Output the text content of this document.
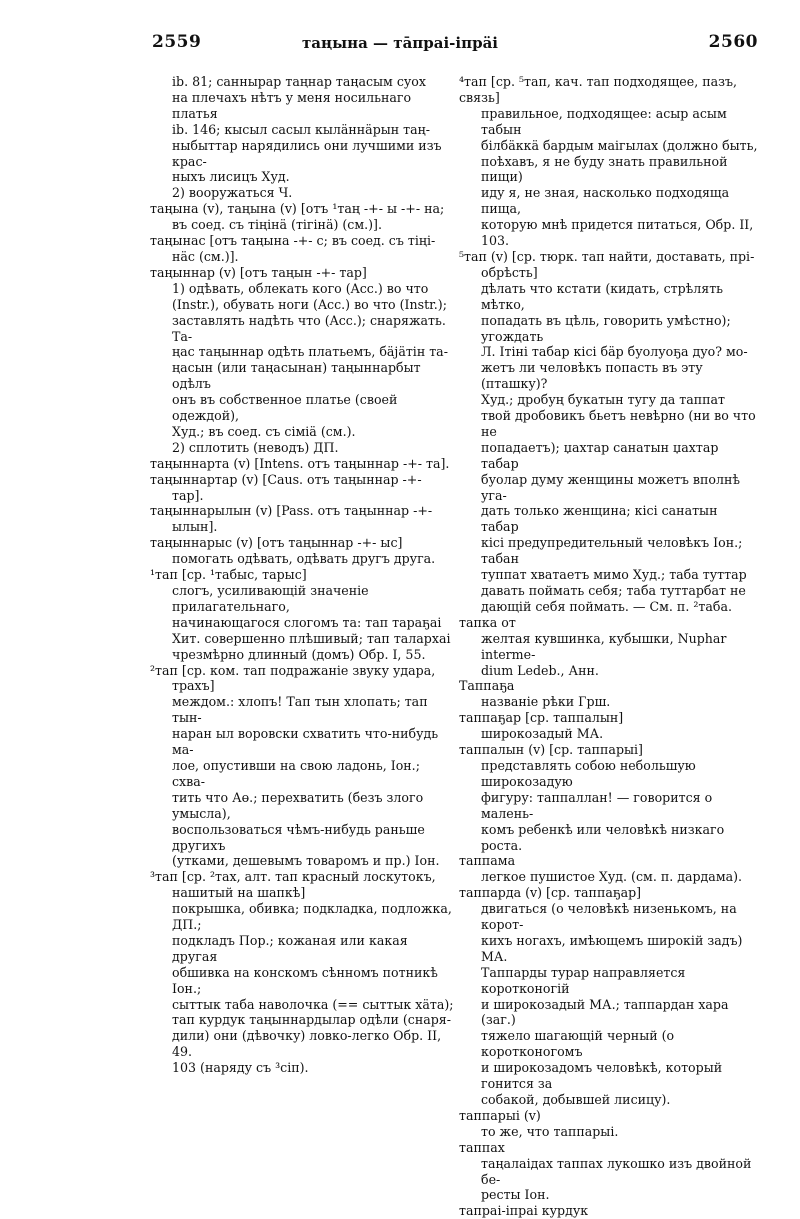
2559	таңына — тāпраі-іпрäі	2560

ib. 81; саннырар таңнар таңасым суох

на плечахъ нѣтъ у меня носильнаго платья

ib. 146; кысыл сасыл кылӓннӓрын таң-

ныбыттар нарядились они лучшими изъ крас-

ныхъ лисицъ Худ.

2) вооружаться Ч.

таңына (v), таңына (v) [отъ ¹таң -+- ы -+- на;

въ соед. съ тіңінӓ (тігінӓ) (см.)].

таңынас [отъ таңына -+- с; въ соед. съ тіңі-

нӓс (см.)].

таңыннар (v) [отъ таңын -+- тар]

1) одѣвать, облекать кого (Acc.) во что

(Instr.), обувать ноги (Acc.) во что (Instr.);

заставлять надѣть что (Acc.); снаряжать. Та-

ңас таңыннар одѣть платьемъ, бӓјӓтін та-

ңасын (или таңасынан) таңыннарбыт одѣлъ

онъ въ собственное платье (своей одеждой),

Худ.; въ соед. съ сіміӓ (см.).

2) сплотить (неводъ) ДП.

таңыннарта (v) [Intens. отъ таңыннар -+- та].

таңыннартар (v) [Caus. отъ таңыннар -+-

тар].

таңыннарылын (v) [Pass. отъ таңыннар -+-

ылын].

таңыннарыс (v) [отъ таңыннар -+- ыс]

помогать одѣвать, одѣвать другъ друга.

¹тап [ср. ¹табыс, тарыс]

слогъ, усиливающій значеніе прилагательнаго,

начинающагося слогомъ та: тап тараҕаі

Хит. совершенно плѣшивый; тап талархаі

чрезмѣрно длинный (домъ) Обр. І, 55.

²тап [ср. ком. тап подражаніе звуку удара,

трахъ]

междом.: хлопъ! Тап тын хлопать; тап тын-

наран ыл воровски схватить что-нибудь ма-

лое, опустивши на свою ладонь, Іон.; схва-

тить что Аө.; перехватить (безъ злого умысла),

воспользоваться чѣмъ-нибудь раньше другихъ

(утками, дешевымъ товаромъ и пр.) Іон.

³тап [ср. ²тах, алт. тап красный лоскутокъ,

нашитый на шапкѣ]

покрышка, обивка; подкладка, подложка, ДП.;

подкладъ Пор.; кожаная или какая другая

обшивка на конскомъ сѣнномъ потникѣ Іон.;

сыттык таба наволочка (== сыттык хӓта);

тап курдук таңыннардылар одѣли (снаря-

дили) они (дѣвочку) ловко-легко Обр. ІІ, 49.

103 (наряду съ ³сіп).

⁴тап [ср. ⁵тап, кач. тап подходящее, пазъ, связь]

правильное, подходящее: асыр асым табын

білбӓккӓ бардым маігылах (должно быть,

поѣхавъ, я не буду знать правильной пищи)

иду я, не зная, насколько подходяща пища,

которую мнѣ придется питаться, Обр. ІІ, 103.

⁵тап (v) [ср. тюрк. тап найти, доставать, прі-

обрѣсть]

дѣлать что кстати (кидать, стрѣлять мѣтко,

попадать въ цѣль, говорить умѣстно); угождать

Л. Ітіні табар кісі бӓр буолуоҕа дуо? мо-

жетъ ли человѣкъ попасть въ эту (пташку)?

Худ.; дробуң букатын тугу да таппат

твой дробовикъ бьетъ невѣрно (ни во что не

попадаетъ); џахтар санатын џахтар табар

буолар думу женщины можетъ вполнѣ уга-

дать только женщина; кісі санатын табар

кісі предупредительный человѣкъ Іон.; табан

туппат хватаетъ мимо Худ.; таба туттар

давать поймать себя; таба туттарбат не

дающій себя поймать. — См. п. ²таба.

тапка от

желтая кувшинка, кубышки, Nuphar interme-

dium Ledeb., Анн.

Таппаҕа

названіе рѣки Грш.

таппаҕар [ср. таппалын]

широкозадый МА.

таппалын (v) [ср. таппарыі]

представлять собою небольшую широкозадую

фигуру: таппаллан! — говорится о малень-

комъ ребенкѣ или человѣкѣ низкаго роста.

таппама

легкое пушистое Худ. (см. п. дардама).

таппарда (v) [ср. таппаҕар]

двигаться (о человѣкѣ низенькомъ, на корот-

кихъ ногахъ, имѣющемъ широкій задъ) МА.

Таппарды турар направляется коротконогій

и широкозадый МА.; таппардан хара (заг.)

тяжело шагающій черный (о коротконогомъ

и широкозадомъ человѣкѣ, который гонится за

собакой, добывшей лисицу).

таппарыі (v)

то же, что таппарыі.

таппах

таңалаідах таппах лукошко изъ двойной бе-

ресты Іон.

тапраі-іпраі курдук
